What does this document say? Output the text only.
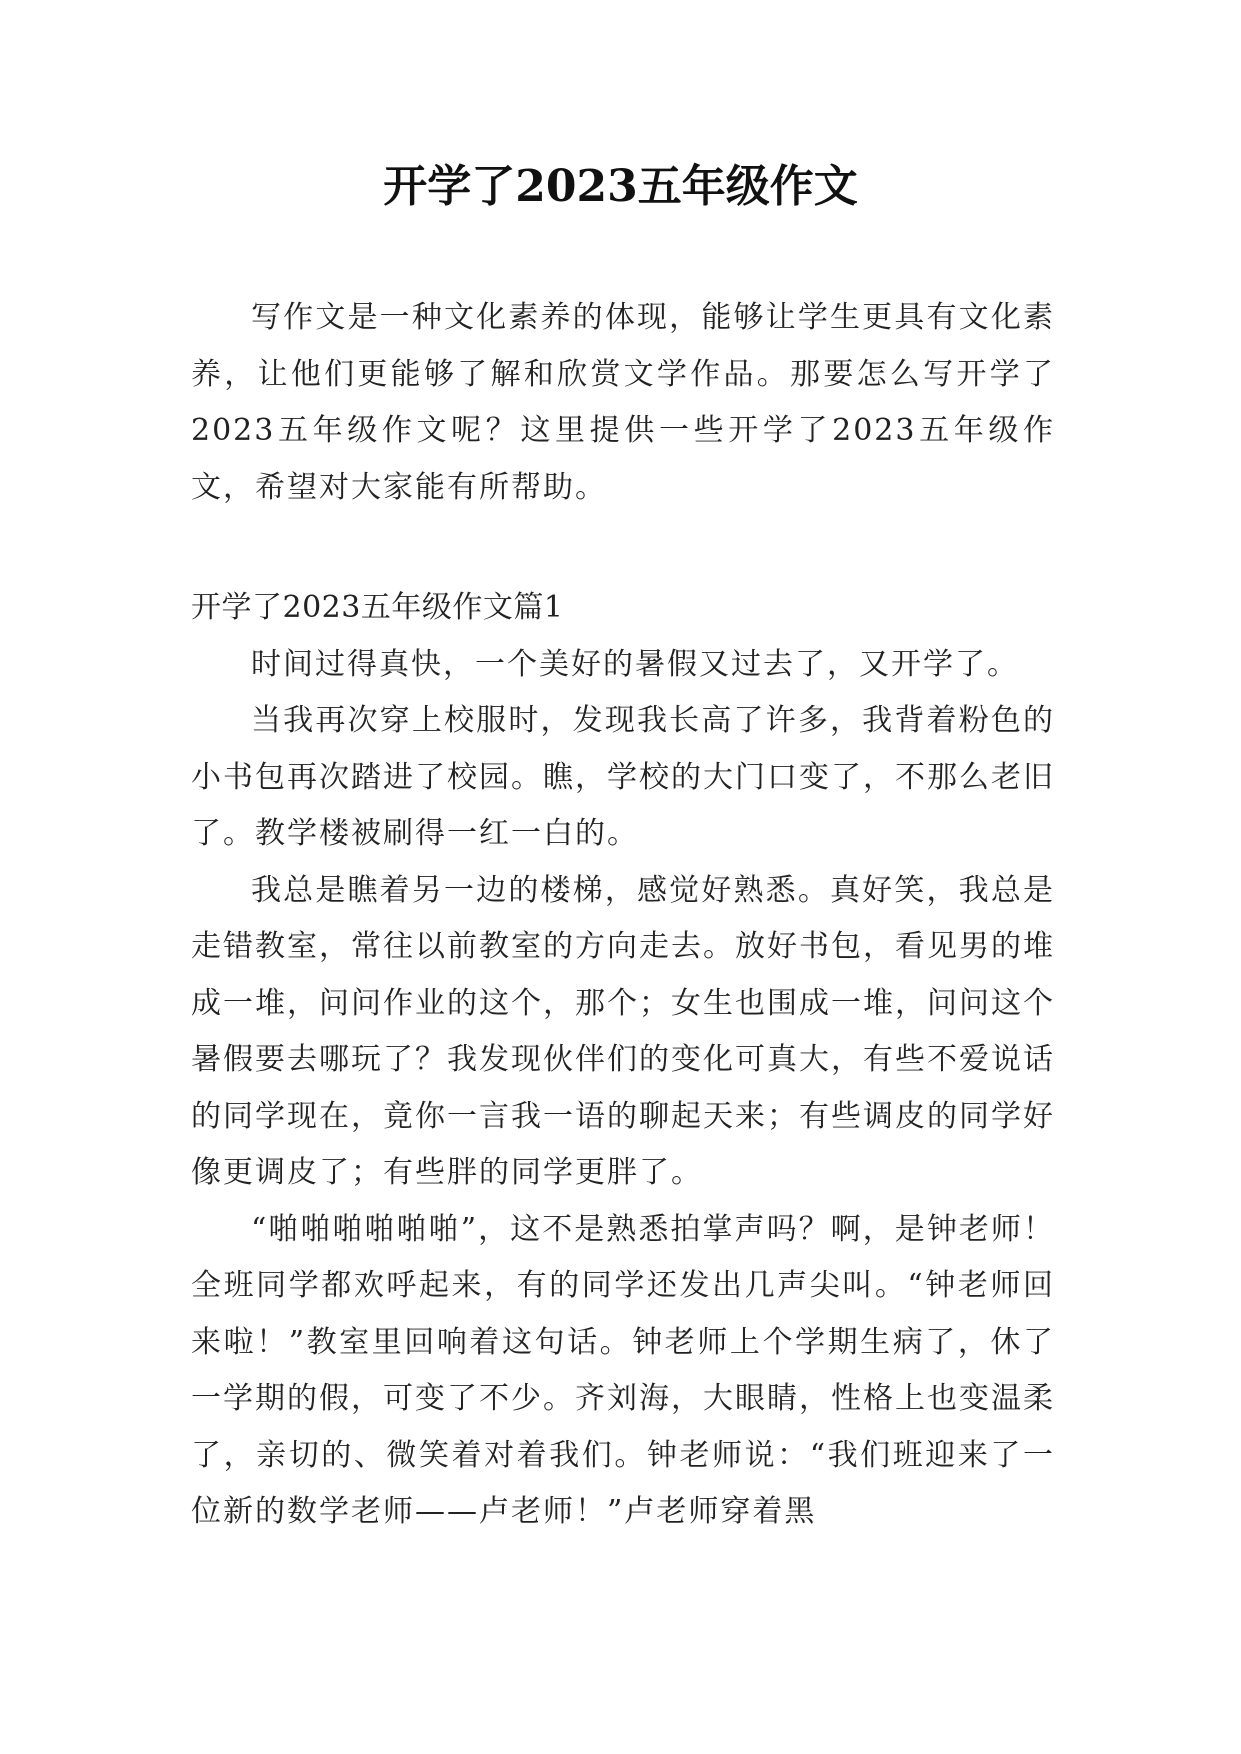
开学了2023五年级作文

写作文是一种文化素养的体现，能够让学生更具有文化素养，让他们更能够了解和欣赏文学作品。那要怎么写开学了2023五年级作文呢？这里提供一些开学了2023五年级作文，希望对大家能有所帮助。

开学了2023五年级作文篇1

时间过得真快，一个美好的暑假又过去了，又开学了。

当我再次穿上校服时，发现我长高了许多，我背着粉色的小书包再次踏进了校园。瞧，学校的大门口变了，不那么老旧了。教学楼被刷得一红一白的。

我总是瞧着另一边的楼梯，感觉好熟悉。真好笑，我总是走错教室，常往以前教室的方向走去。放好书包，看见男的堆成一堆，问问作业的这个，那个；女生也围成一堆，问问这个暑假要去哪玩了？我发现伙伴们的变化可真大，有些不爱说话的同学现在，竟你一言我一语的聊起天来；有些调皮的同学好像更调皮了；有些胖的同学更胖了。

“啪啪啪啪啪啪”，这不是熟悉拍掌声吗？啊，是钟老师！全班同学都欢呼起来，有的同学还发出几声尖叫。“钟老师回来啦！”教室里回响着这句话。钟老师上个学期生病了，休了一学期的假，可变了不少。齐刘海，大眼睛，性格上也变温柔了，亲切的、微笑着对着我们。钟老师说：“我们班迎来了一位新的数学老师——卢老师！”卢老师穿着黑
